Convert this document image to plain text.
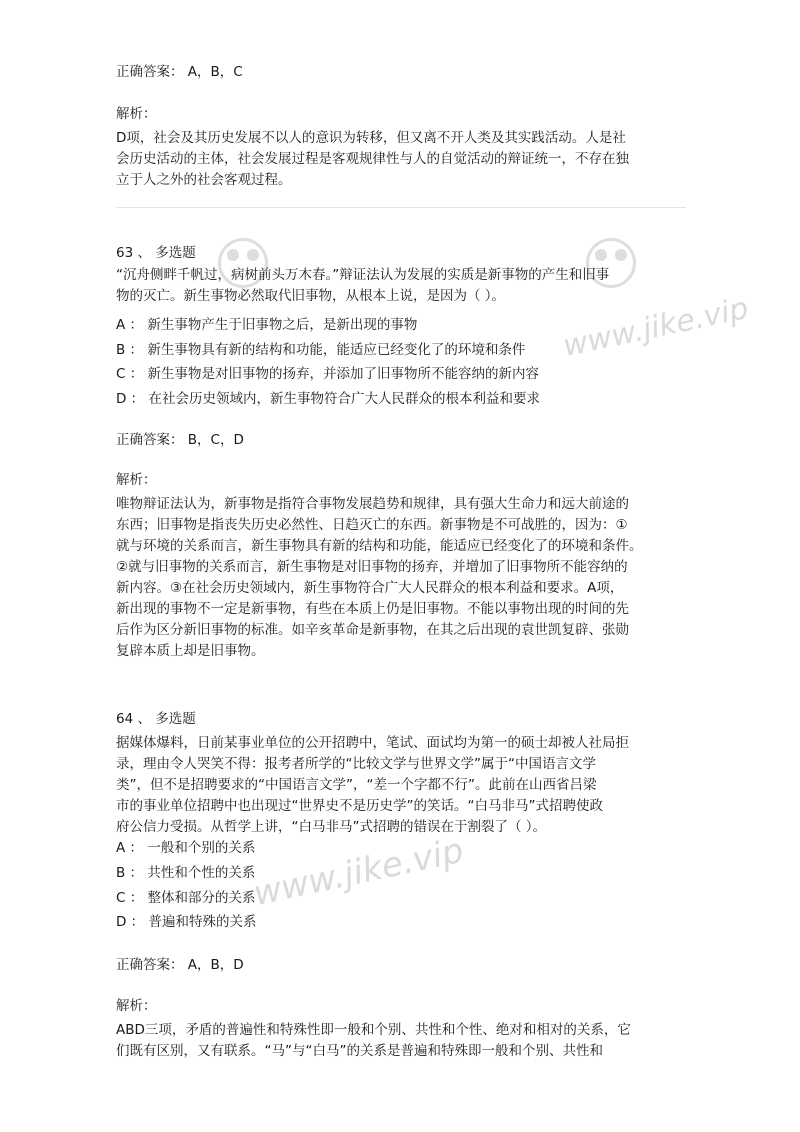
www.jike.vip
www.jike.vip
正确答案： A，B，C
解析：
D项，社会及其历史发展不以人的意识为转移，但又离不开人类及其实践活动。人是社
会历史活动的主体，社会发展过程是客观规律性与人的自觉活动的辩证统一，不存在独
立于人之外的社会客观过程。
63 、 多选题
“沉舟侧畔千帆过，病树前头万木春。”辩证法认为发展的实质是新事物的产生和旧事
物的灭亡。新生事物必然取代旧事物，从根本上说，是因为（ ）。
A ： 新生事物产生于旧事物之后，是新出现的事物
B ： 新生事物具有新的结构和功能，能适应已经变化了的环境和条件
C ： 新生事物是对旧事物的扬弃，并添加了旧事物所不能容纳的新内容
D ： 在社会历史领域内，新生事物符合广大人民群众的根本利益和要求
正确答案： B，C，D
解析：
唯物辩证法认为，新事物是指符合事物发展趋势和规律，具有强大生命力和远大前途的
东西；旧事物是指丧失历史必然性、日趋灭亡的东西。新事物是不可战胜的，因为：①
就与环境的关系而言，新生事物具有新的结构和功能，能适应已经变化了的环境和条件。
②就与旧事物的关系而言，新生事物是对旧事物的扬弃，并增加了旧事物所不能容纳的
新内容。③在社会历史领域内，新生事物符合广大人民群众的根本利益和要求。A项，
新出现的事物不一定是新事物，有些在本质上仍是旧事物。不能以事物出现的时间的先
后作为区分新旧事物的标准。如辛亥革命是新事物，在其之后出现的袁世凯复辟、张勋
复辟本质上却是旧事物。
64 、 多选题
据媒体爆料，日前某事业单位的公开招聘中，笔试、面试均为第一的硕士却被人社局拒
录，理由令人哭笑不得：报考者所学的“比较文学与世界文学”属于“中国语言文学
类”，但不是招聘要求的“中国语言文学”，“差一个字都不行”。此前在山西省吕梁
市的事业单位招聘中也出现过“世界史不是历史学”的笑话。“白马非马”式招聘使政
府公信力受损。从哲学上讲，“白马非马”式招聘的错误在于割裂了（ ）。
A ： 一般和个别的关系
B ： 共性和个性的关系
C ： 整体和部分的关系
D ： 普遍和特殊的关系
正确答案： A，B，D
解析：
ABD三项，矛盾的普遍性和特殊性即一般和个别、共性和个性、绝对和相对的关系，它
们既有区别，又有联系。“马”与“白马”的关系是普遍和特殊即一般和个别、共性和
